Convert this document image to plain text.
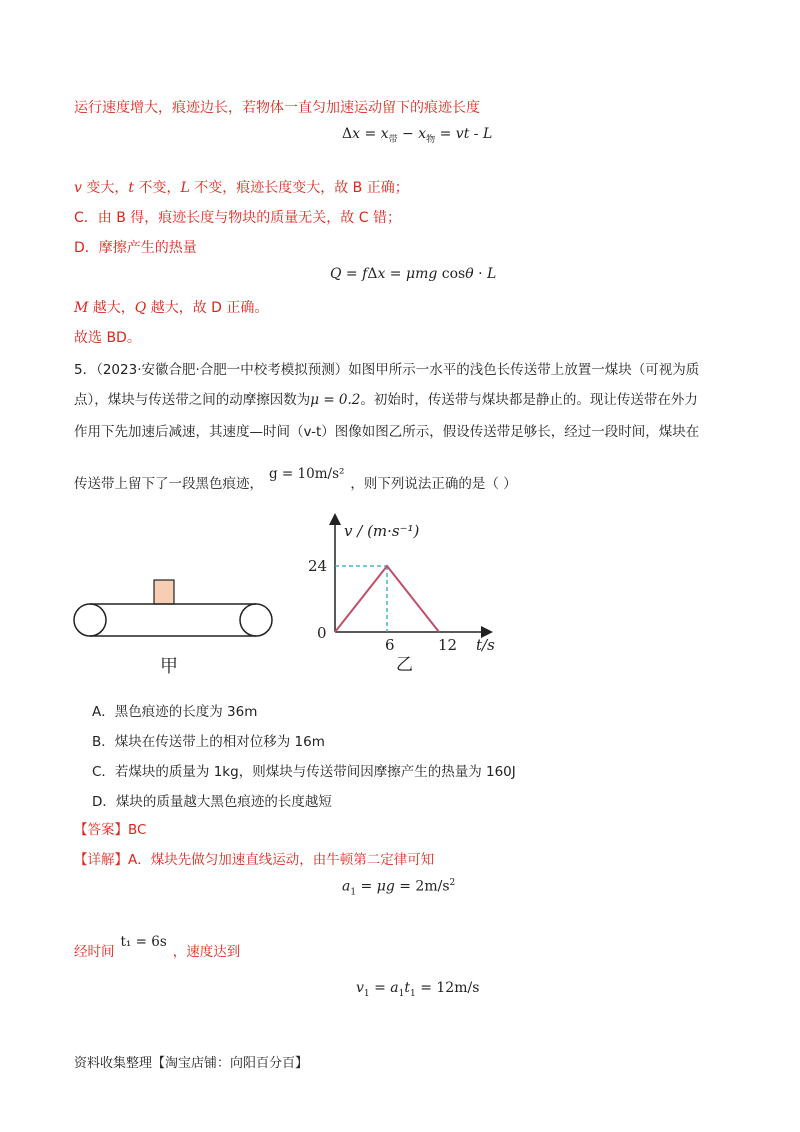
运行速度增大，痕迹边长，若物体一直匀加速运动留下的痕迹长度
$\Delta x = x_带 - x_物$ = vt - L
v 变大，t 不变，L 不变，痕迹长度变大，故 B 正确；
C．由 B 得，痕迹长度与物块的质量无关，故 C 错；
D．摩擦产生的热量
Q = fΔx = μmg cosθ · L
M 越大，Q 越大，故 D 正确。
故选 BD。
5．（2023·安徽合肥·合肥一中校考模拟预测）如图甲所示一水平的浅色长传送带上放置一煤块（可视为质
点），煤块与传送带之间的动摩擦因数为μ = 0.2。初始时，传送带与煤块都是静止的。现让传送带在外力
作用下先加速后减速，其速度—时间（v-t）图像如图乙所示，假设传送带足够长，经过一段时间，煤块在
传送带上留下了一段黑色痕迹，g = 10m/s²，则下列说法正确的是（ ）
甲
v / (m·s⁻¹)
24
0
6	12 t/s
乙
A．黑色痕迹的长度为 36m
B．煤块在传送带上的相对位移为 16m
C．若煤块的质量为 1kg，则煤块与传送带间因摩擦产生的热量为 160J
D．煤块的质量越大黑色痕迹的长度越短
【答案】BC
【详解】A．煤块先做匀加速直线运动，由牛顿第二定律可知
$a_1 = \mu g = 2m/s^2$
经时间t₁ = 6s，速度达到
$v_1 = a_1t_1 = 12m/s$
资料收集整理【淘宝店铺：向阳百分百】
